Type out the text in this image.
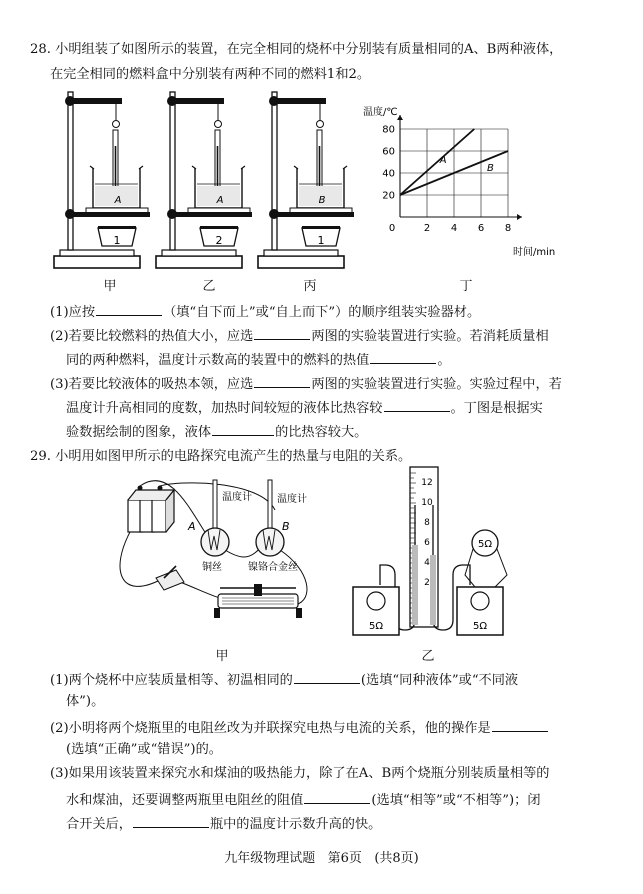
28. 小明组装了如图所示的装置，在完全相同的烧杯中分别装有质量相同的A、B两种液体，
在完全相同的燃料盒中分别装有两种不同的燃料1和2。
A
1
A
2
B
1
温度/℃
时间/min
0	2 4 6 8
20
40
60
80
A
B
甲	乙	丙	丁
(1)应按	（填“自下而上”或“自上而下”）的顺序组装实验器材。
(2)若要比较燃料的热值大小，应选	两图的实验装置进行实验。若消耗质量相
同的两种燃料，温度计示数高的装置中的燃料的热值	。
(3)若要比较液体的吸热本领，应选	两图的实验装置进行实验。实验过程中，若
温度计升高相同的度数，加热时间较短的液体比热容较	。丁图是根据实
验数据绘制的图象，液体	的比热容较大。
29. 小明用如图甲所示的电路探究电流产生的热量与电阻的关系。
温度计	温度计
A	B
铜丝	镍铬合金丝
12
10
8
6
4
2
5Ω	5Ω
5Ω
甲	乙
(1)两个烧杯中应装质量相等、初温相同的	(选填“同种液体”或“不同液
体”)。
(2)小明将两个烧瓶里的电阻丝改为并联探究电热与电流的关系，他的操作是
(选填“正确”或“错误”)的。
(3)如果用该装置来探究水和煤油的吸热能力，除了在A、B两个烧瓶分别装质量相等的
水和煤油，还要调整两瓶里电阻丝的阻值	(选填“相等”或“不相等”)；闭
合开关后，	瓶中的温度计示数升高的快。
九年级物理试题   第6页   (共8页)
